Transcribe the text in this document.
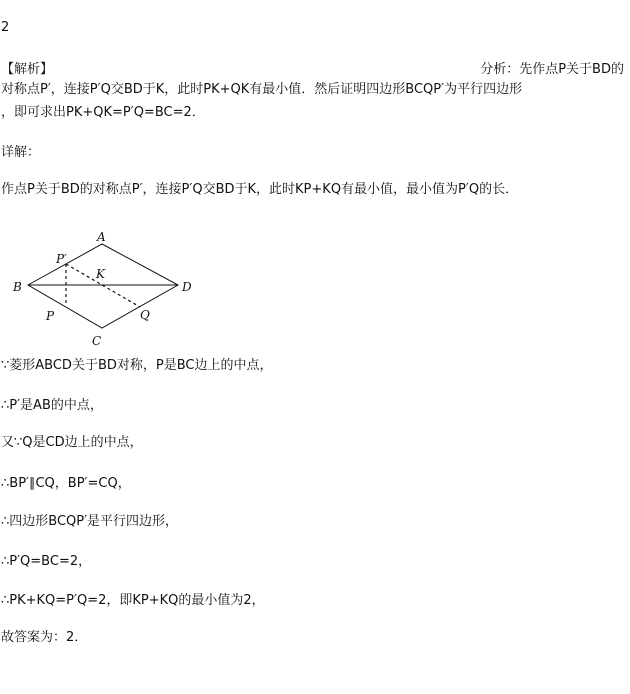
2
【解析】	分析：先作点P关于BD的
对称点P′，连接P′Q交BD于K，此时PK+QK有最小值．然后证明四边形BCQP′为平行四边形
，即可求出PK+QK=P′Q=BC=2．
详解：
作点P关于BD的对称点P′，连接P′Q交BD于K，此时KP+KQ有最小值，最小值为P′Q的长．
A
B	D
C
P′
K
P	Q
∵菱形ABCD关于BD对称，P是BC边上的中点，
∴P′是AB的中点，
又∵Q是CD边上的中点，
∴BP′∥CQ，BP′=CQ，
∴四边形BCQP′是平行四边形，
∴P′Q=BC=2，
∴PK+KQ=P′Q=2，即KP+KQ的最小值为2，
故答案为：2．
